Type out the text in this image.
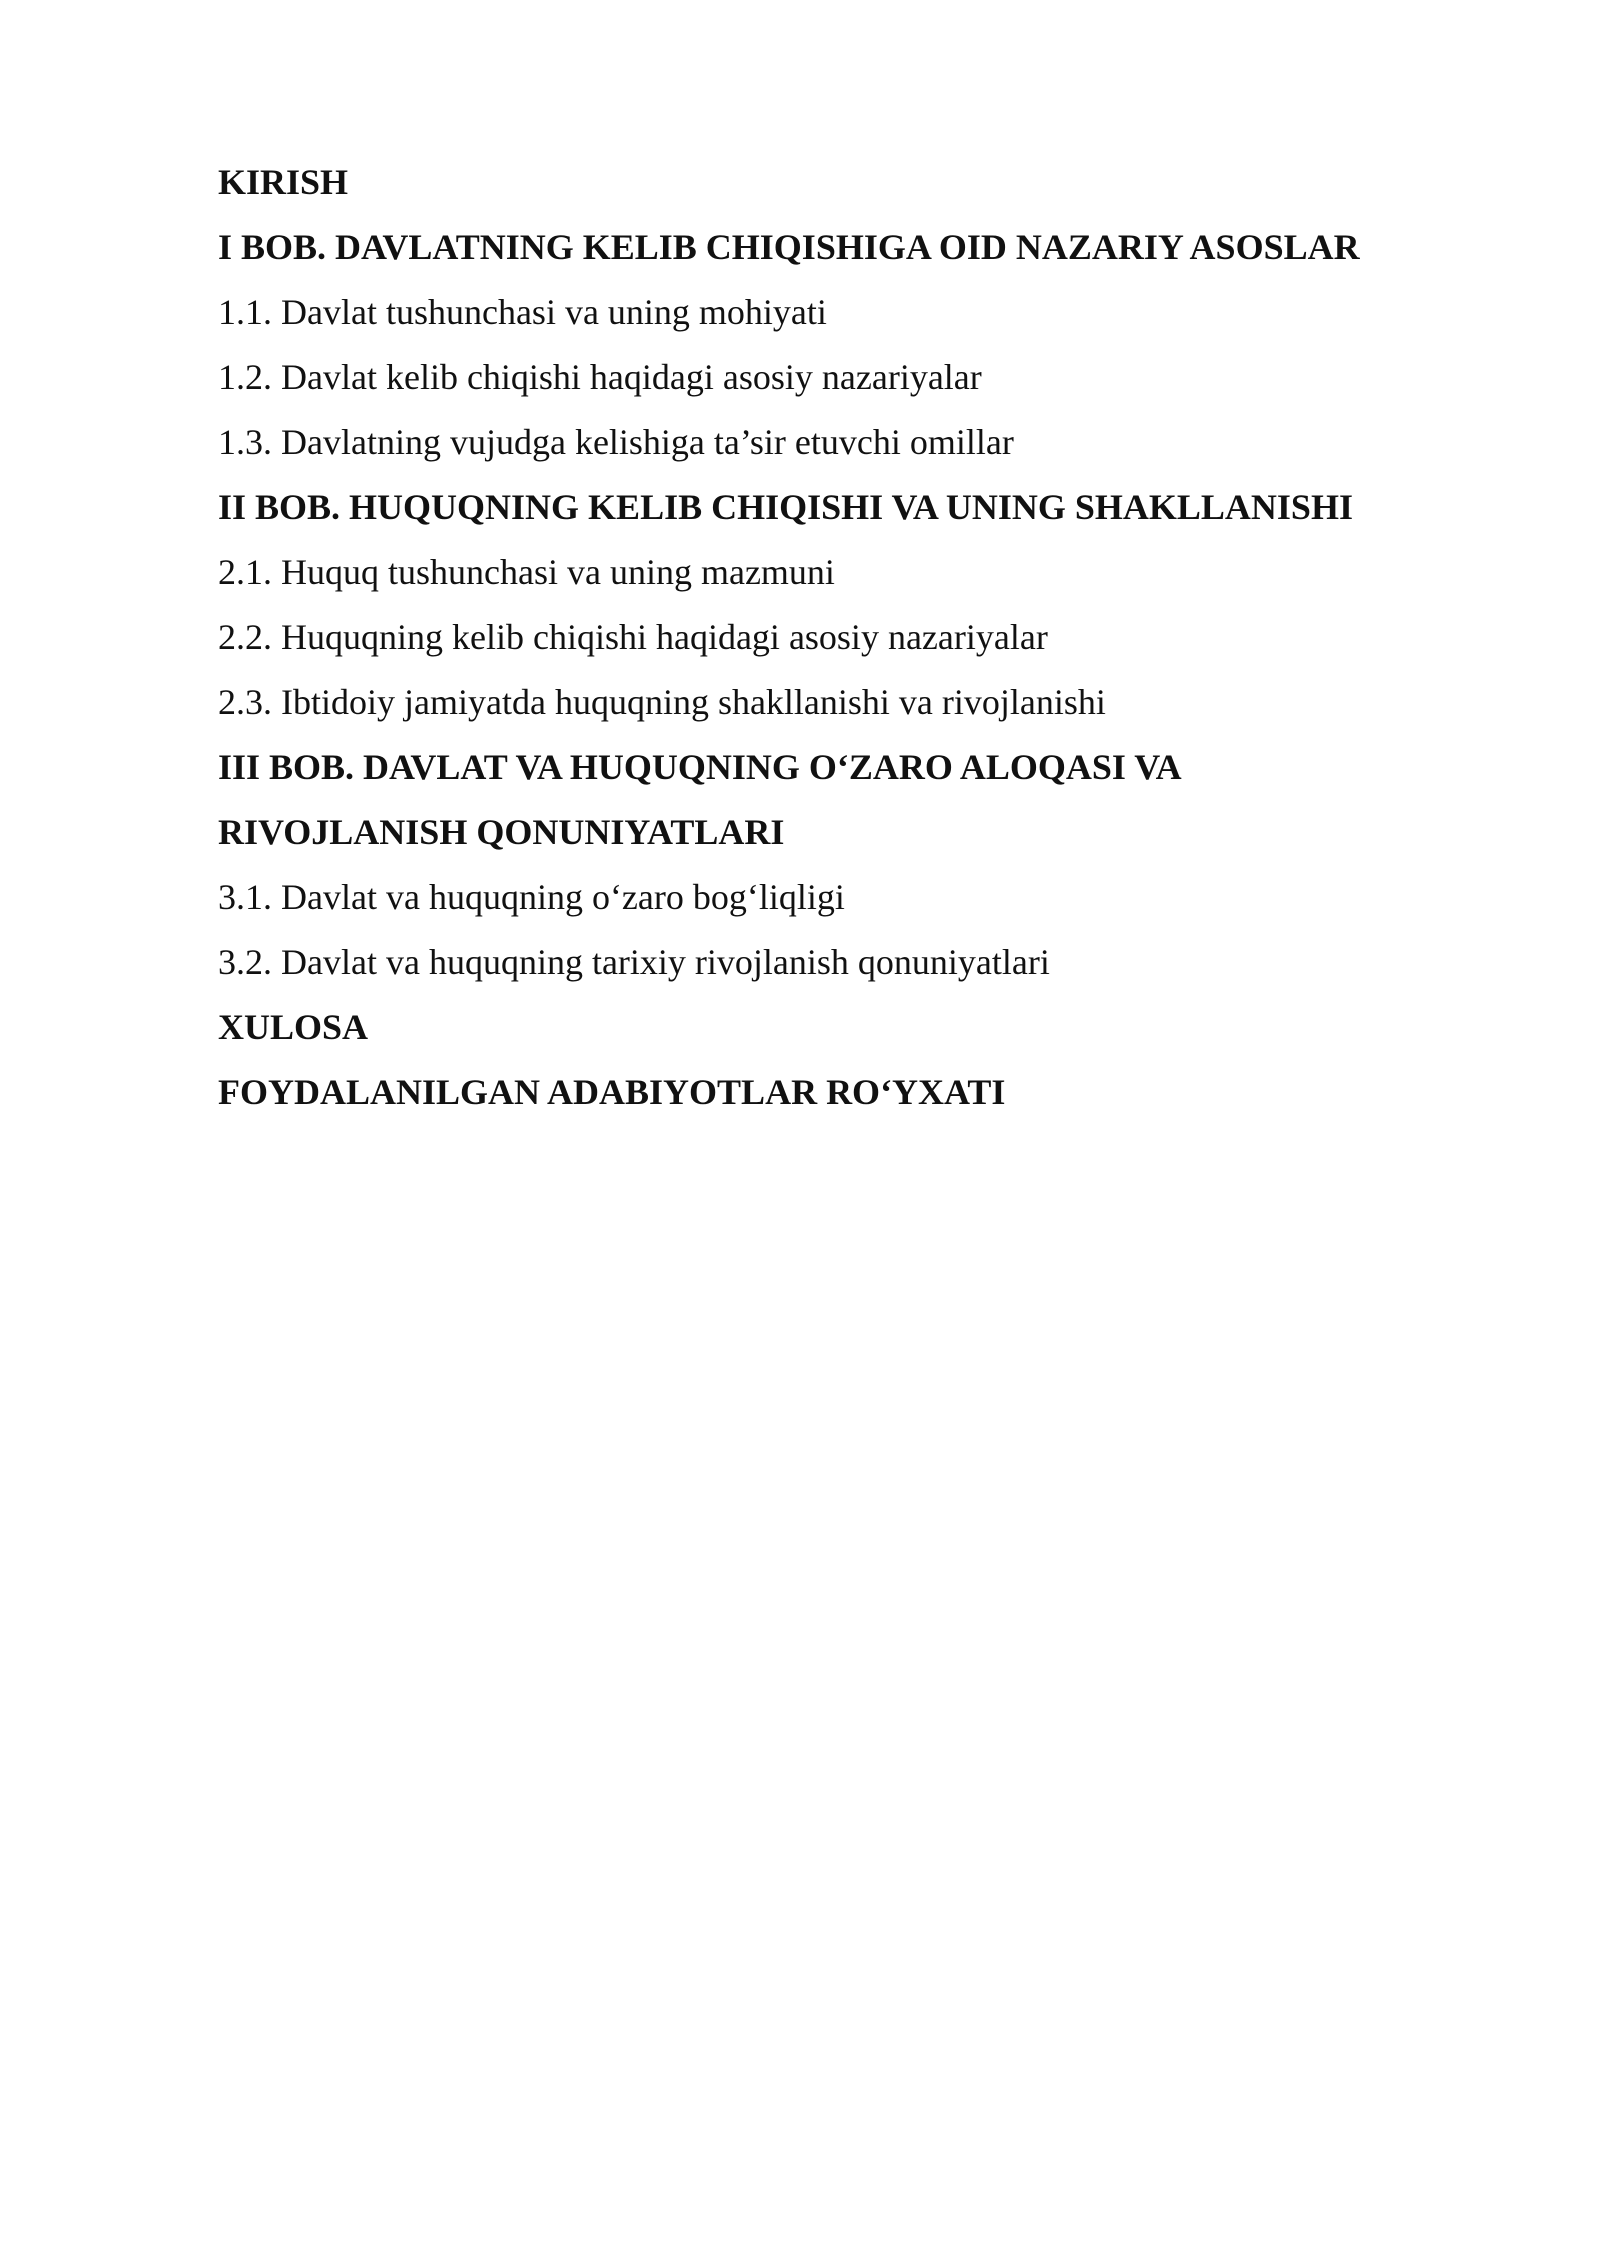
KIRISH
I BOB. DAVLATNING KELIB CHIQISHIGA OID NAZARIY ASOSLAR
1.1. Davlat tushunchasi va uning mohiyati
1.2. Davlat kelib chiqishi haqidagi asosiy nazariyalar
1.3. Davlatning vujudga kelishiga ta’sir etuvchi omillar
II BOB. HUQUQNING KELIB CHIQISHI VA UNING SHAKLLANISHI
2.1. Huquq tushunchasi va uning mazmuni
2.2. Huquqning kelib chiqishi haqidagi asosiy nazariyalar
2.3. Ibtidoiy jamiyatda huquqning shakllanishi va rivojlanishi
III BOB. DAVLAT VA HUQUQNING O‘ZARO ALOQASI VA
RIVOJLANISH QONUNIYATLARI
3.1. Davlat va huquqning o‘zaro bog‘liqligi
3.2. Davlat va huquqning tarixiy rivojlanish qonuniyatlari
XULOSA
FOYDALANILGAN ADABIYOTLAR RO‘YXATI
